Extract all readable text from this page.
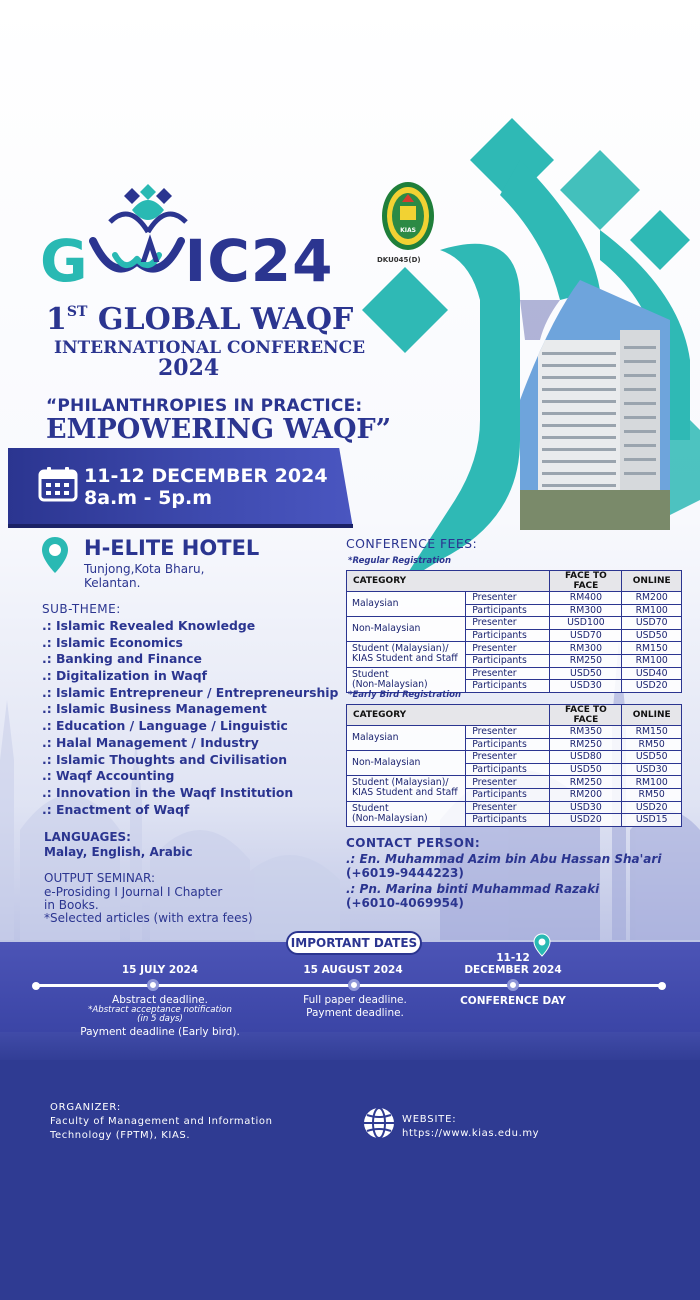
G IC24
1ST GLOBAL WAQF
INTERNATIONAL CONFERENCE
2024
“PHILANTHROPIES IN PRACTICE:
EMPOWERING WAQF”
KIAS
DKU045(D)
11-12 DECEMBER 2024
8a.m - 5p.m
H-ELITE HOTEL
Tunjong,Kota Bharu,
Kelantan.
SUB-THEME:
.: Islamic Revealed Knowledge
.: Islamic Economics
.: Banking and Finance
.: Digitalization in Waqf
.: Islamic Entrepreneur / Entrepreneurship
.: Islamic Business Management
.: Education / Language / Linguistic
.: Halal Management / Industry
.: Islamic Thoughts and Civilisation
.: Waqf Accounting
.: Innovation in the Waqf Institution
.: Enactment of Waqf
LANGUAGES:
Malay, English, Arabic
OUTPUT SEMINAR:
e-Prosiding I Journal I Chapter
in Books.
*Selected articles (with extra fees)
CONFERENCE FEES:
*Regular Registration
CATEGORY		FACE TO FACE	ONLINE
Malaysian	Presenter	RM400	RM200
	Participants	RM300	RM100
Non-Malaysian	Presenter	USD100	USD70
	Participants	USD70	USD50

Student (Malaysian)/
KIAS Student and Staff	Presenter	RM300	RM150
	Participants	RM250	RM100

Student
(Non-Malaysian)	Presenter	USD50	USD40
	Participants	USD30	USD20
*Early Bird Registration
CATEGORY		FACE TO FACE	ONLINE
Malaysian	Presenter	RM350	RM150
	Participants	RM250	RM50
Non-Malaysian	Presenter	USD80	USD50
	Participants	USD50	USD30

Student (Malaysian)/
KIAS Student and Staff	Presenter	RM250	RM100
	Participants	RM200	RM50

Student
(Non-Malaysian)	Presenter	USD30	USD20
	Participants	USD20	USD15
CONTACT PERSON:
.: En. Muhammad Azim bin Abu Hassan Sha'ari
(+6019-9444223)
.: Pn. Marina binti Muhammad Razaki
(+6010-4069954)
IMPORTANT DATES
15 JULY 2024
Abstract deadline.
*Abstract acceptance notification
(in 5 days)
Payment deadline (Early bird).
15 AUGUST 2024
Full paper deadline.
Payment deadline.
11-12
DECEMBER 2024
CONFERENCE DAY
ORGANIZER:
Faculty of Management and Information
Technology (FPTM), KIAS.
WEBSITE:
https://www.kias.edu.my
